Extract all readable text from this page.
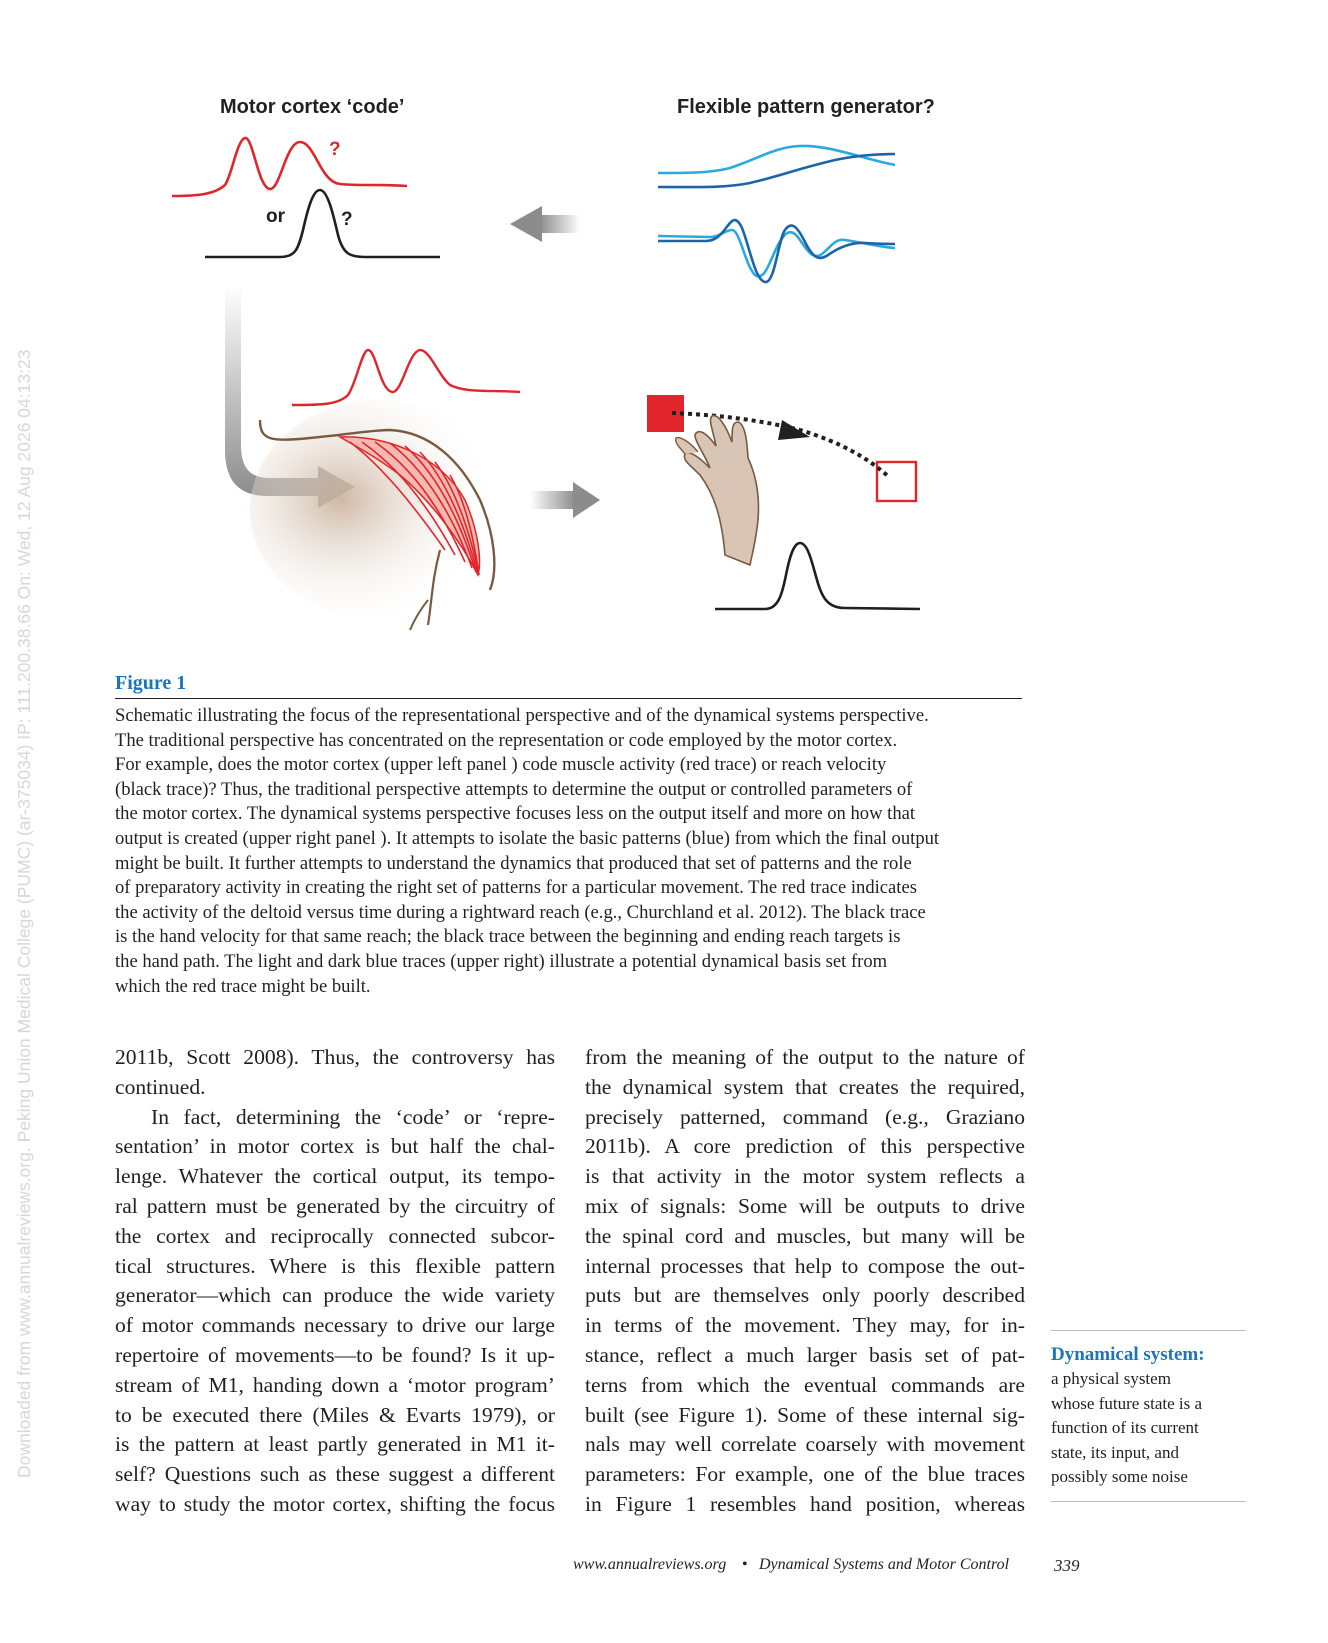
Downloaded from www.annualreviews.org. Peking Union Medical College (PUMC) (ar-375034) IP: 111.200.38.66 On: Wed, 12 Aug 2026 04:13:23
Motor cortex ‘code’	Flexible pattern generator?
?
or	?
Figure 1
Schematic illustrating the focus of the representational perspective and of the dynamical systems perspective.
The traditional perspective has concentrated on the representation or code employed by the motor cortex.
For example, does the motor cortex (upper left panel ) code muscle activity (red trace) or reach velocity
(black trace)? Thus, the traditional perspective attempts to determine the output or controlled parameters of
the motor cortex. The dynamical systems perspective focuses less on the output itself and more on how that
output is created (upper right panel ). It attempts to isolate the basic patterns (blue) from which the final output
might be built. It further attempts to understand the dynamics that produced that set of patterns and the role
of preparatory activity in creating the right set of patterns for a particular movement. The red trace indicates
the activity of the deltoid versus time during a rightward reach (e.g., Churchland et al. 2012). The black trace
is the hand velocity for that same reach; the black trace between the beginning and ending reach targets is
the hand path. The light and dark blue traces (upper right) illustrate a potential dynamical basis set from
which the red trace might be built.
2011b, Scott 2008). Thus, the controversy has
continued.
In fact, determining the ‘code’ or ‘repre-
sentation’ in motor cortex is but half the chal-
lenge. Whatever the cortical output, its tempo-
ral pattern must be generated by the circuitry of
the cortex and reciprocally connected subcor-
tical structures. Where is this flexible pattern
generator—which can produce the wide variety
of motor commands necessary to drive our large
repertoire of movements—to be found? Is it up-
stream of M1, handing down a ‘motor program’
to be executed there (Miles & Evarts 1979), or
is the pattern at least partly generated in M1 it-
self? Questions such as these suggest a different
way to study the motor cortex, shifting the focus
from the meaning of the output to the nature of
the dynamical system that creates the required,
precisely patterned, command (e.g., Graziano
2011b). A core prediction of this perspective
is that activity in the motor system reflects a
mix of signals: Some will be outputs to drive
the spinal cord and muscles, but many will be
internal processes that help to compose the out-
puts but are themselves only poorly described
in terms of the movement. They may, for in-
stance, reflect a much larger basis set of pat-
terns from which the eventual commands are
built (see Figure 1). Some of these internal sig-
nals may well correlate coarsely with movement
parameters: For example, one of the blue traces
in Figure 1 resembles hand position, whereas
Dynamical system:
a physical system
whose future state is a
function of its current
state, its input, and
possibly some noise
www.annualreviews.org • Dynamical Systems and Motor Control	339
